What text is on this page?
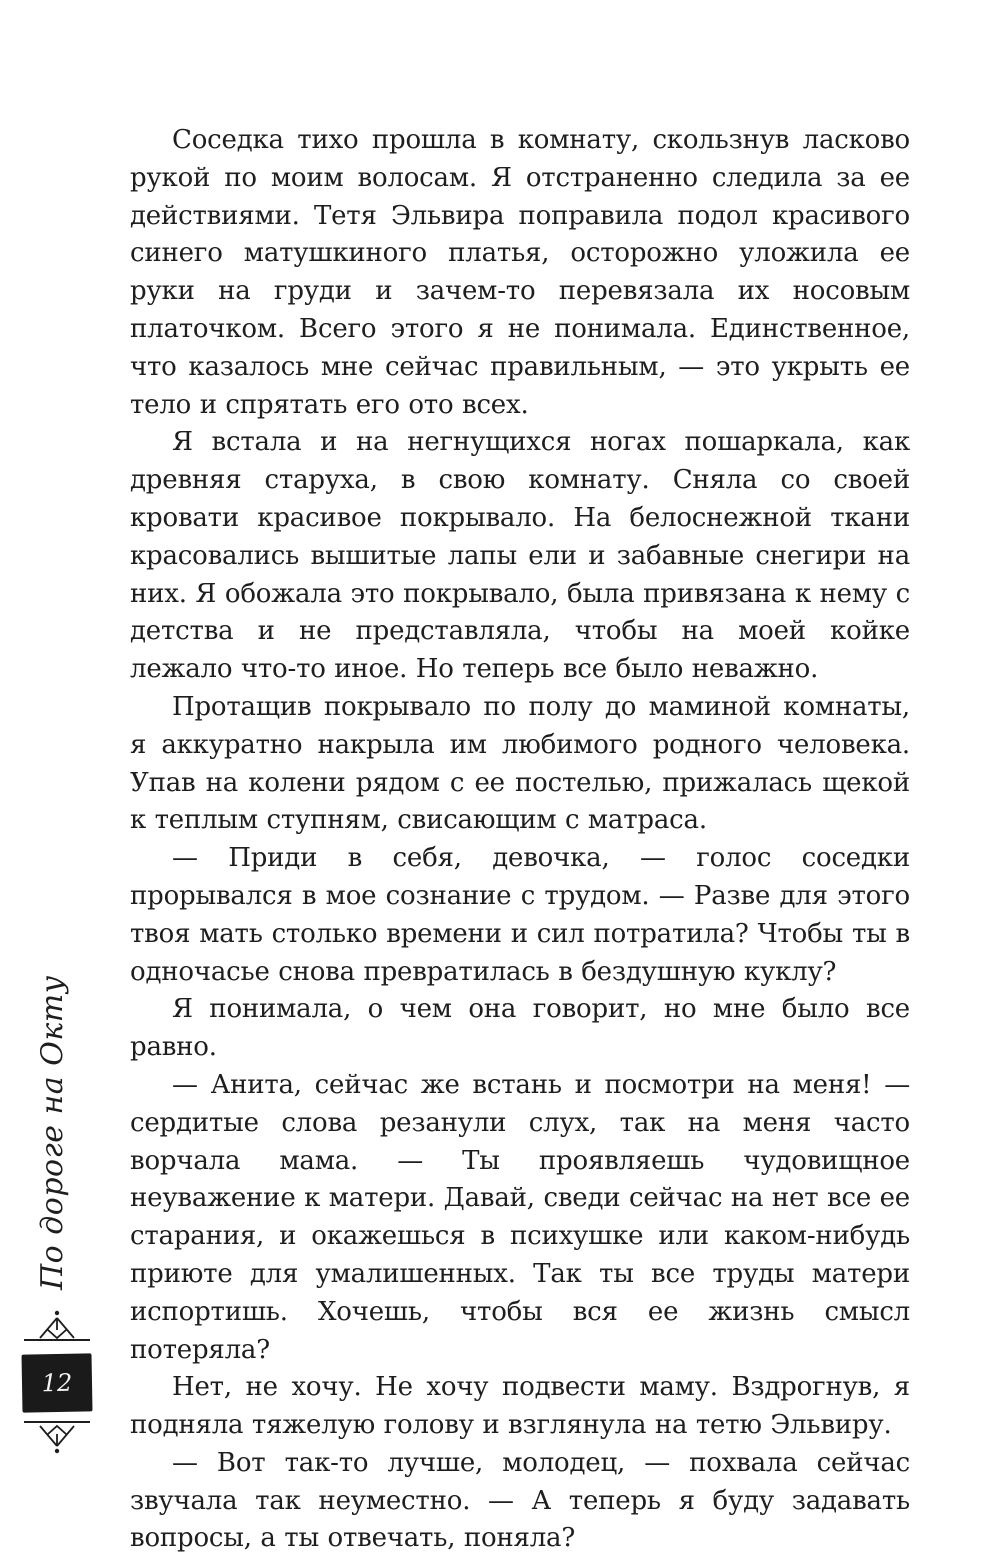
Соседка тихо прошла в комнату, скользнув ласково рукой по моим волосам. Я отстраненно следила за ее действиями. Тетя Эльвира поправила подол красивого синего матушкиного платья, осторожно уложила ее руки на груди и зачем-то перевязала их носовым платочком. Всего этого я не понимала. Единственное, что казалось мне сейчас правильным, — это укрыть ее тело и спрятать его ото всех.

Я встала и на негнущихся ногах пошаркала, как древняя старуха, в свою комнату. Сняла со своей кровати красивое покрывало. На белоснежной ткани красовались вышитые лапы ели и забавные снегири на них. Я обожала это покрывало, была привязана к нему с детства и не представляла, чтобы на моей койке лежало что-то иное. Но теперь все было неважно.

Протащив покрывало по полу до маминой комнаты, я аккуратно накрыла им любимого родного человека. Упав на колени рядом с ее постелью, прижалась щекой к теплым ступням, свисающим с матраса.

— Приди в себя, девочка, — голос соседки прорывался в мое сознание с трудом. — Разве для этого твоя мать столько времени и сил потратила? Чтобы ты в одночасье снова превратилась в бездушную куклу?

Я понимала, о чем она говорит, но мне было все равно.

— Анита, сейчас же встань и посмотри на меня! — сердитые слова резанули слух, так на меня часто ворчала мама. — Ты проявляешь чудовищное неуважение к матери. Давай, сведи сейчас на нет все ее старания, и окажешься в психушке или каком-нибудь приюте для умалишенных. Так ты все труды матери испортишь. Хочешь, чтобы вся ее жизнь смысл потеряла?

Нет, не хочу. Не хочу подвести маму. Вздрогнув, я подняла тяжелую голову и взглянула на тетю Эльвиру.

— Вот так-то лучше, молодец, — похвала сейчас звучала так неуместно. — А теперь я буду задавать вопросы, а ты отвечать, поняла?

По дороге на Окту
12
